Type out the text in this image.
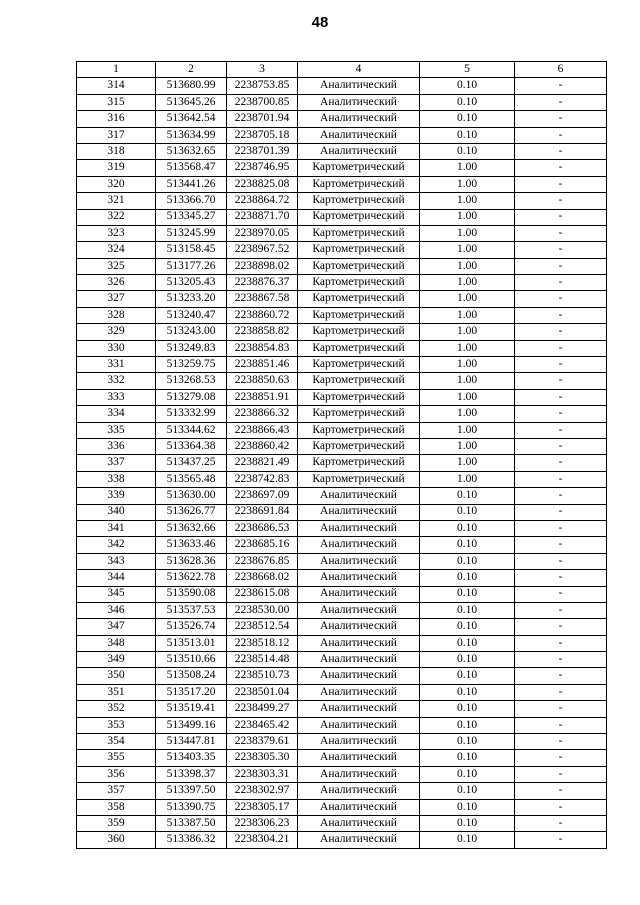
48
1	2	3	4	5	6
314	513680.99	2238753.85	Аналитический	0.10	-
315	513645.26	2238700.85	Аналитический	0.10	-
316	513642.54	2238701.94	Аналитический	0.10	-
317	513634.99	2238705.18	Аналитический	0.10	-
318	513632.65	2238701.39	Аналитический	0.10	-
319	513568.47	2238746.95	Картометрический	1.00	-
320	513441.26	2238825.08	Картометрический	1.00	-
321	513366.70	2238864.72	Картометрический	1.00	-
322	513345.27	2238871.70	Картометрический	1.00	-
323	513245.99	2238970.05	Картометрический	1.00	-
324	513158.45	2238967.52	Картометрический	1.00	-
325	513177.26	2238898.02	Картометрический	1.00	-
326	513205.43	2238876.37	Картометрический	1.00	-
327	513233.20	2238867.58	Картометрический	1.00	-
328	513240.47	2238860.72	Картометрический	1.00	-
329	513243.00	2238858.82	Картометрический	1.00	-
330	513249.83	2238854.83	Картометрический	1.00	-
331	513259.75	2238851.46	Картометрический	1.00	-
332	513268.53	2238850.63	Картометрический	1.00	-
333	513279.08	2238851.91	Картометрический	1.00	-
334	513332.99	2238866.32	Картометрический	1.00	-
335	513344.62	2238866.43	Картометрический	1.00	-
336	513364.38	2238860.42	Картометрический	1.00	-
337	513437.25	2238821.49	Картометрический	1.00	-
338	513565.48	2238742.83	Картометрический	1.00	-
339	513630.00	2238697.09	Аналитический	0.10	-
340	513626.77	2238691.84	Аналитический	0.10	-
341	513632.66	2238686.53	Аналитический	0.10	-
342	513633.46	2238685.16	Аналитический	0.10	-
343	513628.36	2238676.85	Аналитический	0.10	-
344	513622.78	2238668.02	Аналитический	0.10	-
345	513590.08	2238615.08	Аналитический	0.10	-
346	513537.53	2238530.00	Аналитический	0.10	-
347	513526.74	2238512.54	Аналитический	0.10	-
348	513513.01	2238518.12	Аналитический	0.10	-
349	513510.66	2238514.48	Аналитический	0.10	-
350	513508.24	2238510.73	Аналитический	0.10	-
351	513517.20	2238501.04	Аналитический	0.10	-
352	513519.41	2238499.27	Аналитический	0.10	-
353	513499.16	2238465.42	Аналитический	0.10	-
354	513447.81	2238379.61	Аналитический	0.10	-
355	513403.35	2238305.30	Аналитический	0.10	-
356	513398.37	2238303.31	Аналитический	0.10	-
357	513397.50	2238302.97	Аналитический	0.10	-
358	513390.75	2238305.17	Аналитический	0.10	-
359	513387.50	2238306.23	Аналитический	0.10	-
360	513386.32	2238304.21	Аналитический	0.10	-
